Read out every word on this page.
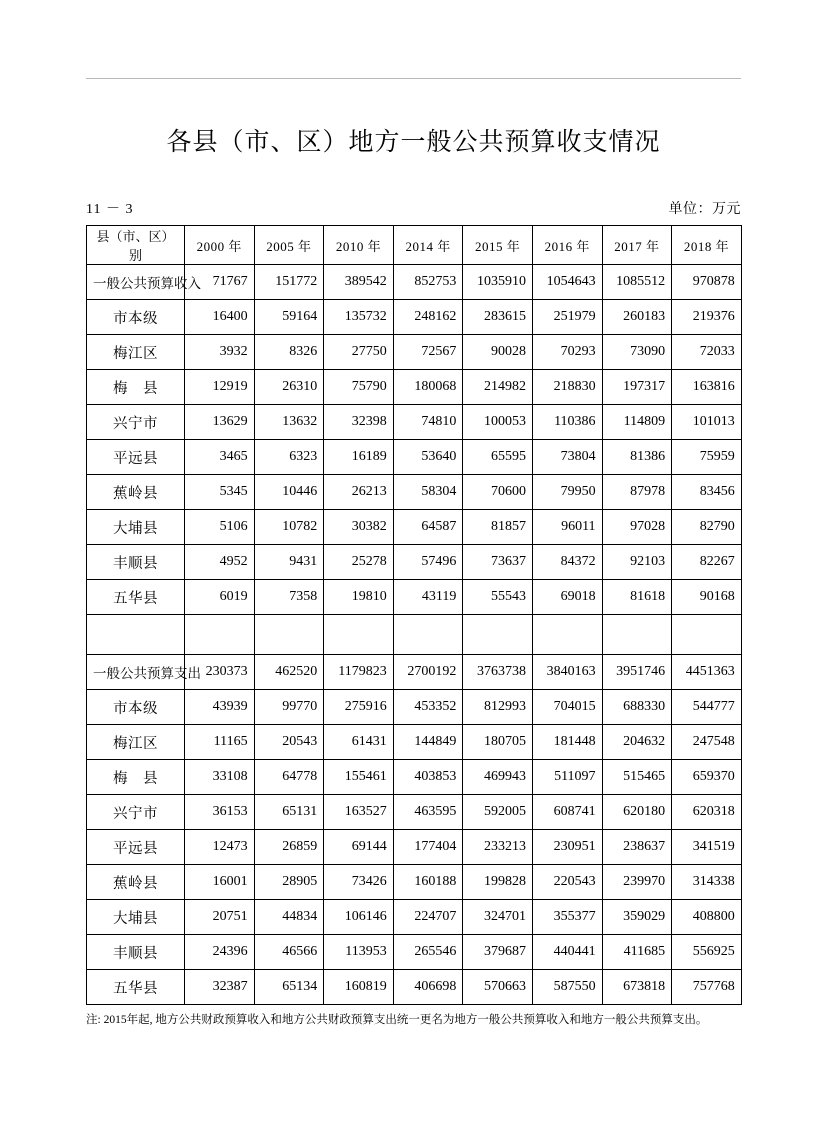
各县（市、区）地方一般公共预算收支情况
11 － 3	单位：万元
县（市、区）别	2000 年	2005 年	2010 年	2014 年	2015 年	2016 年	2017 年	2018 年
一般公共预算收入	71767	151772	389542	852753	1035910	1054643	1085512	970878
市本级	16400	59164	135732	248162	283615	251979	260183	219376
梅江区	3932	8326	27750	72567	90028	70293	73090	72033
梅　县	12919	26310	75790	180068	214982	218830	197317	163816
兴宁市	13629	13632	32398	74810	100053	110386	114809	101013
平远县	3465	6323	16189	53640	65595	73804	81386	75959
蕉岭县	5345	10446	26213	58304	70600	79950	87978	83456
大埔县	5106	10782	30382	64587	81857	96011	97028	82790
丰顺县	4952	9431	25278	57496	73637	84372	92103	82267
五华县	6019	7358	19810	43119	55543	69018	81618	90168

一般公共预算支出	230373	462520	1179823	2700192	3763738	3840163	3951746	4451363
市本级	43939	99770	275916	453352	812993	704015	688330	544777
梅江区	11165	20543	61431	144849	180705	181448	204632	247548
梅　县	33108	64778	155461	403853	469943	511097	515465	659370
兴宁市	36153	65131	163527	463595	592005	608741	620180	620318
平远县	12473	26859	69144	177404	233213	230951	238637	341519
蕉岭县	16001	28905	73426	160188	199828	220543	239970	314338
大埔县	20751	44834	106146	224707	324701	355377	359029	408800
丰顺县	24396	46566	113953	265546	379687	440441	411685	556925
五华县	32387	65134	160819	406698	570663	587550	673818	757768
注: 2015年起, 地方公共财政预算收入和地方公共财政预算支出统一更名为地方一般公共预算收入和地方一般公共预算支出。
